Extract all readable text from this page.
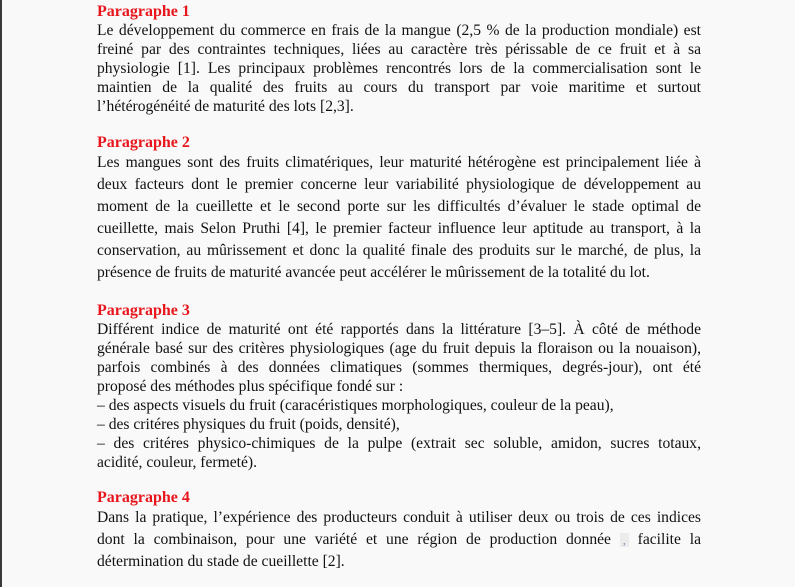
Paragraphe 1
Le développement du commerce en frais de la mangue (2,5 % de la production mondiale) est
freiné par des contraintes techniques, liées au caractère très périssable de ce fruit et à sa
physiologie [1]. Les principaux problèmes rencontrés lors de la commercialisation sont le
maintien de la qualité des fruits au cours du transport par voie maritime et surtout
l’hétérogénéité de maturité des lots [2,3].
Paragraphe 2
Les mangues sont des fruits climatériques, leur maturité hétérogène est principalement liée à
deux facteurs dont le premier concerne leur variabilité physiologique de développement au
moment de la cueillette et le second porte sur les difficultés d’évaluer le stade optimal de
cueillette, mais Selon Pruthi [4], le premier facteur influence leur aptitude au transport, à la
conservation, au mûrissement et donc la qualité finale des produits sur le marché, de plus, la
présence de fruits de maturité avancée peut accélérer le mûrissement de la totalité du lot.
Paragraphe 3
Différent indice de maturité ont été rapportés dans la littérature [3–5]. À côté de méthode
générale basé sur des critères physiologiques (age du fruit depuis la floraison ou la nouaison),
parfois combinés à des données climatiques (sommes thermiques, degrés-jour), ont été
proposé des méthodes plus spécifique fondé sur :
– des aspects visuels du fruit (caracéristiques morphologiques, couleur de la peau),
– des critéres physiques du fruit (poids, densité),
– des critéres physico-chimiques de la pulpe (extrait sec soluble, amidon, sucres totaux,
acidité, couleur, fermeté).
Paragraphe 4
Dans la pratique, l’expérience des producteurs conduit à utiliser deux ou trois de ces indices
dont la combinaison, pour une variété et une région de production donnée , facilite la
détermination du stade de cueillette [2].
